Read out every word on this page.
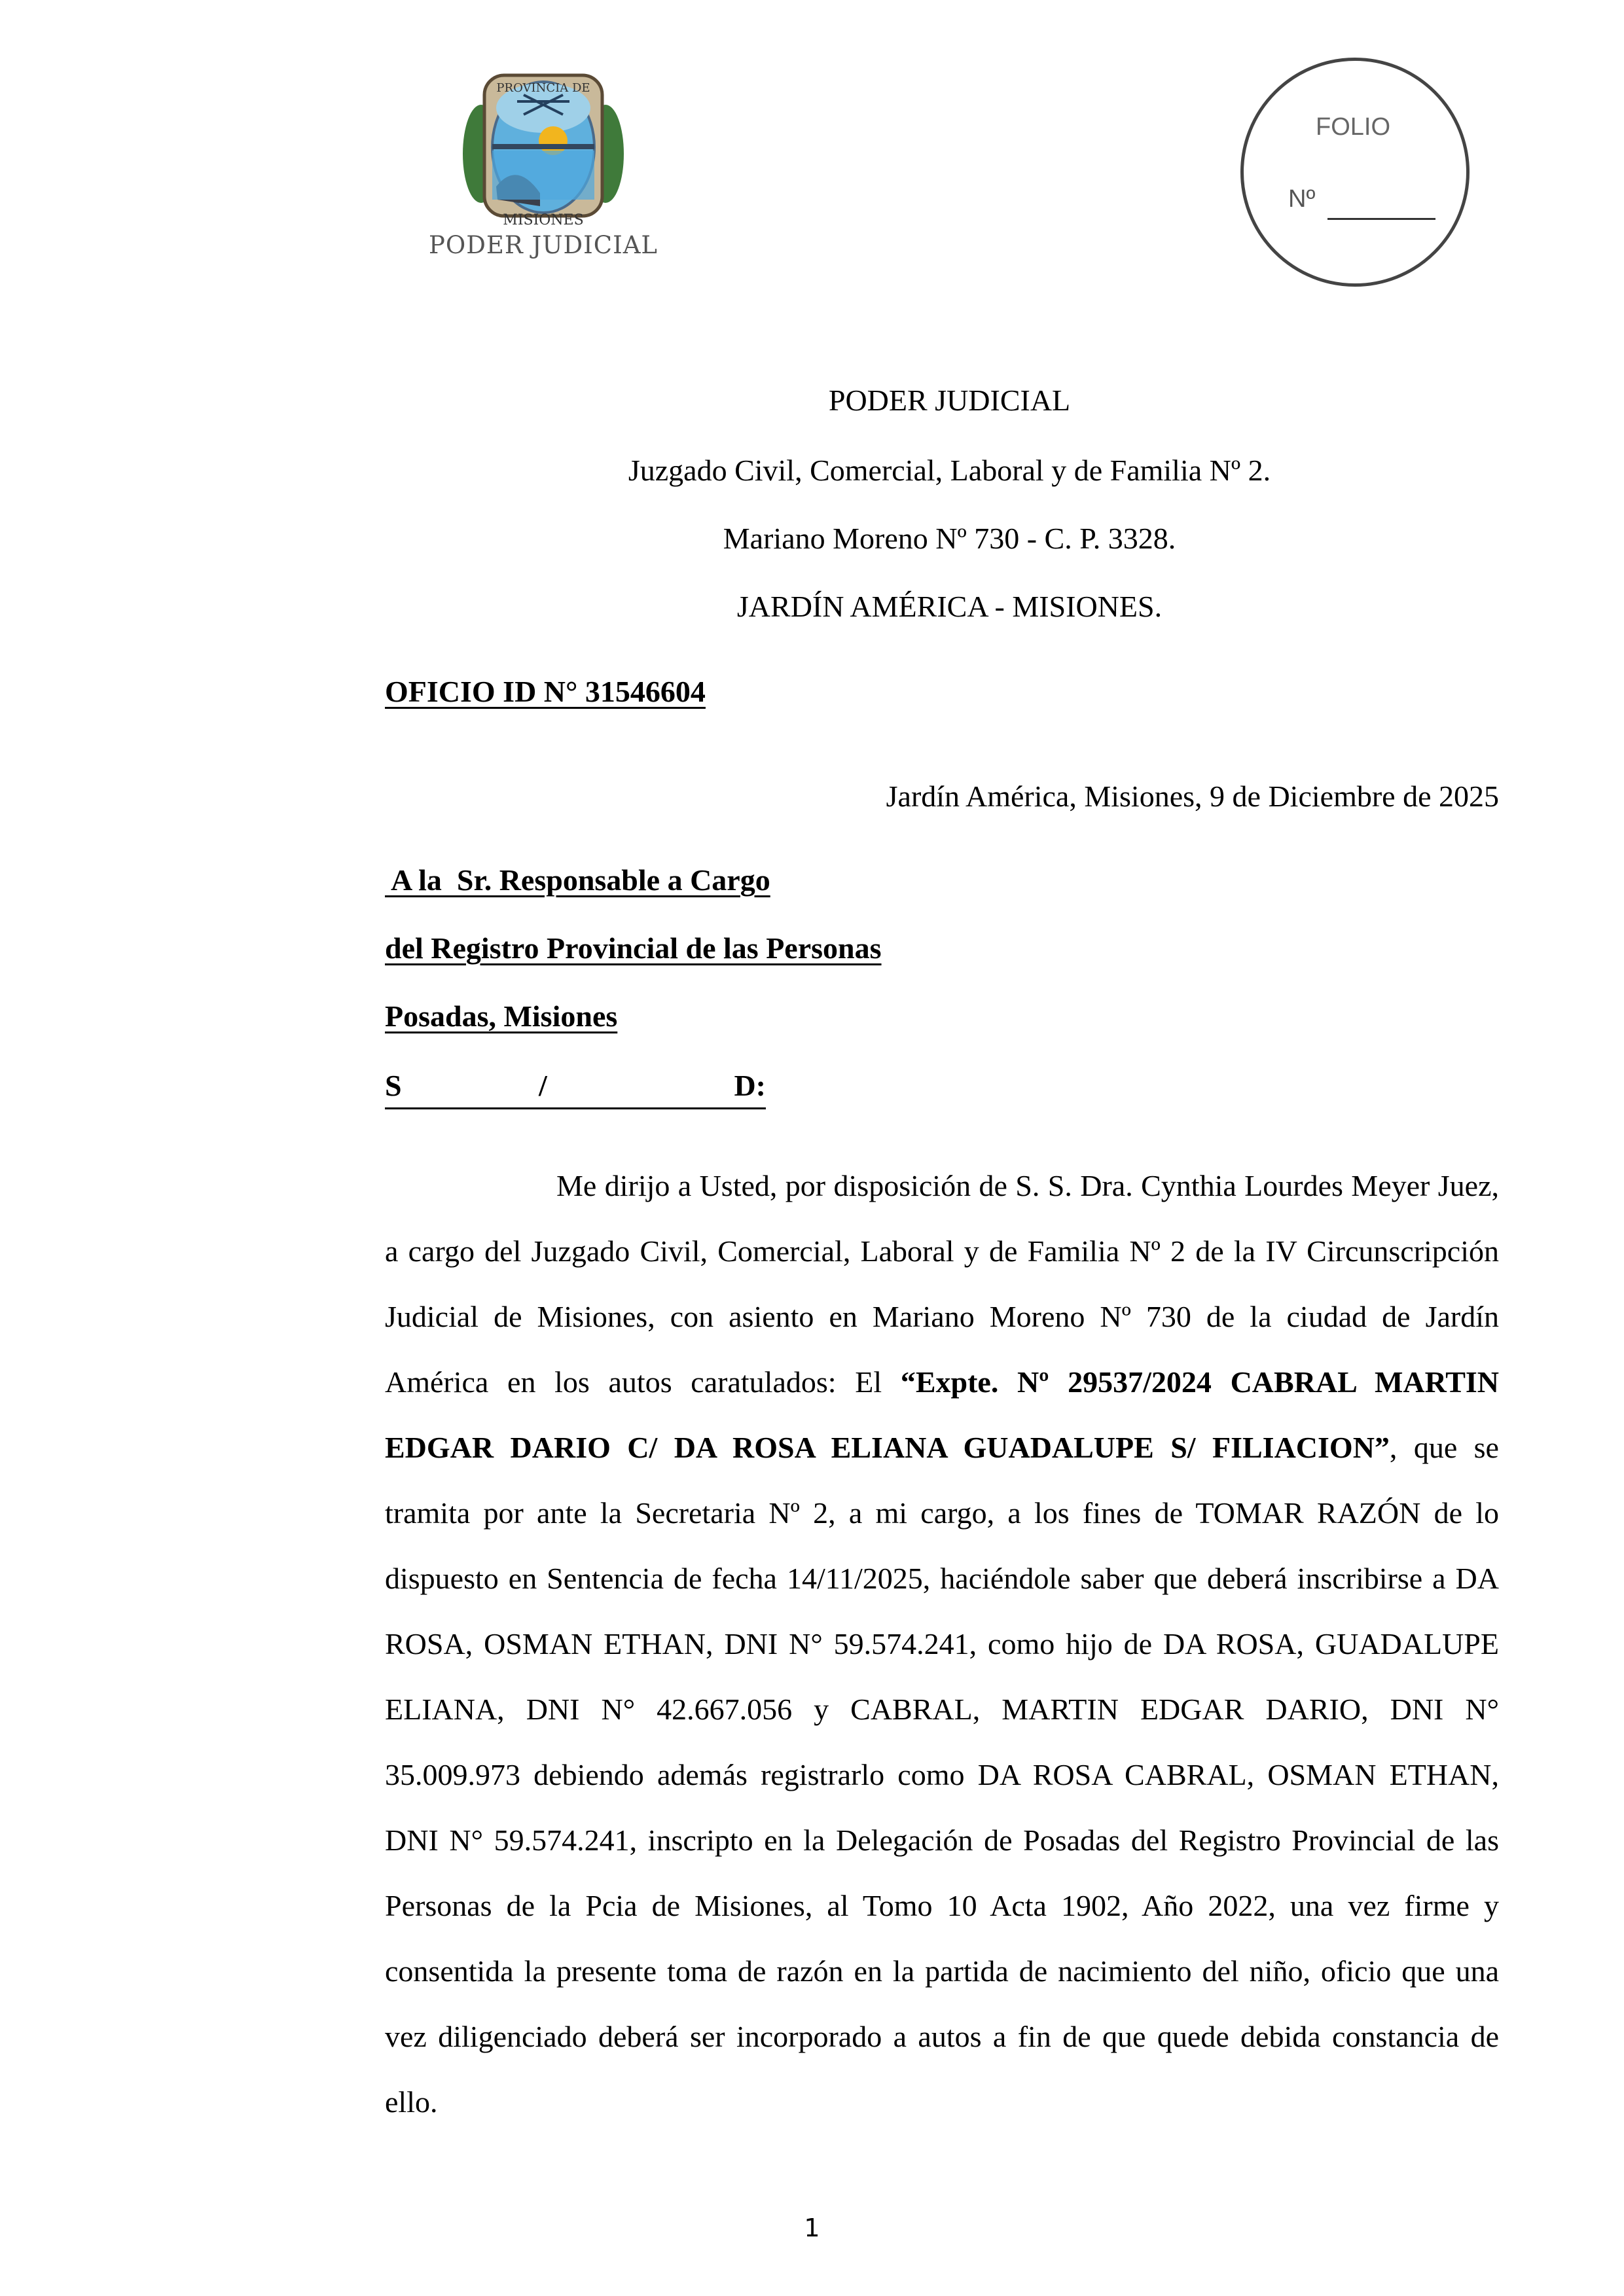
PROVINCIA DE
MISIONES
PODER JUDICIAL
FOLIO
Nº
PODER JUDICIAL
Juzgado Civil, Comercial, Laboral y de Familia Nº 2.
Mariano Moreno Nº 730 - C. P. 3328.
JARDÍN AMÉRICA - MISIONES.
OFICIO ID N° 31546604
Jardín América, Misiones, 9 de Diciembre de 2025
A la  Sr. Responsable a Cargo
del Registro Provincial de las Personas
Posadas, Misiones
S	/	D:

Me dirijo a Usted, por disposición de S. S. Dra. Cynthia Lourdes Meyer Juez, a cargo del Juzgado Civil, Comercial, Laboral y de Familia Nº 2 de la IV Circunscripción Judicial de Misiones, con asiento en Mariano Moreno Nº 730 de la ciudad de Jardín América en los autos caratulados: El “Expte. Nº 29537/2024 CABRAL MARTIN EDGAR DARIO C/ DA ROSA ELIANA GUADALUPE S/ FILIACION”, que se tramita por ante la Secretaria Nº 2, a mi cargo, a los fines de TOMAR RAZÓN de lo dispuesto en Sentencia de fecha 14/11/2025, haciéndole saber que deberá inscribirse a DA ROSA, OSMAN ETHAN, DNI N° 59.574.241, como hijo de DA ROSA, GUADALUPE ELIANA, DNI N° 42.667.056 y CABRAL, MARTIN EDGAR DARIO, DNI N° 35.009.973 debiendo además registrarlo como DA ROSA CABRAL, OSMAN ETHAN, DNI N° 59.574.241, inscripto en la Delegación de Posadas del Registro Provincial de las Personas de la Pcia de Misiones, al Tomo 10 Acta 1902, Año 2022, una vez firme y consentida la presente toma de razón en la partida de nacimiento del niño, oficio que una vez diligenciado deberá ser incorporado a autos a fin de que quede debida constancia de ello.

1
